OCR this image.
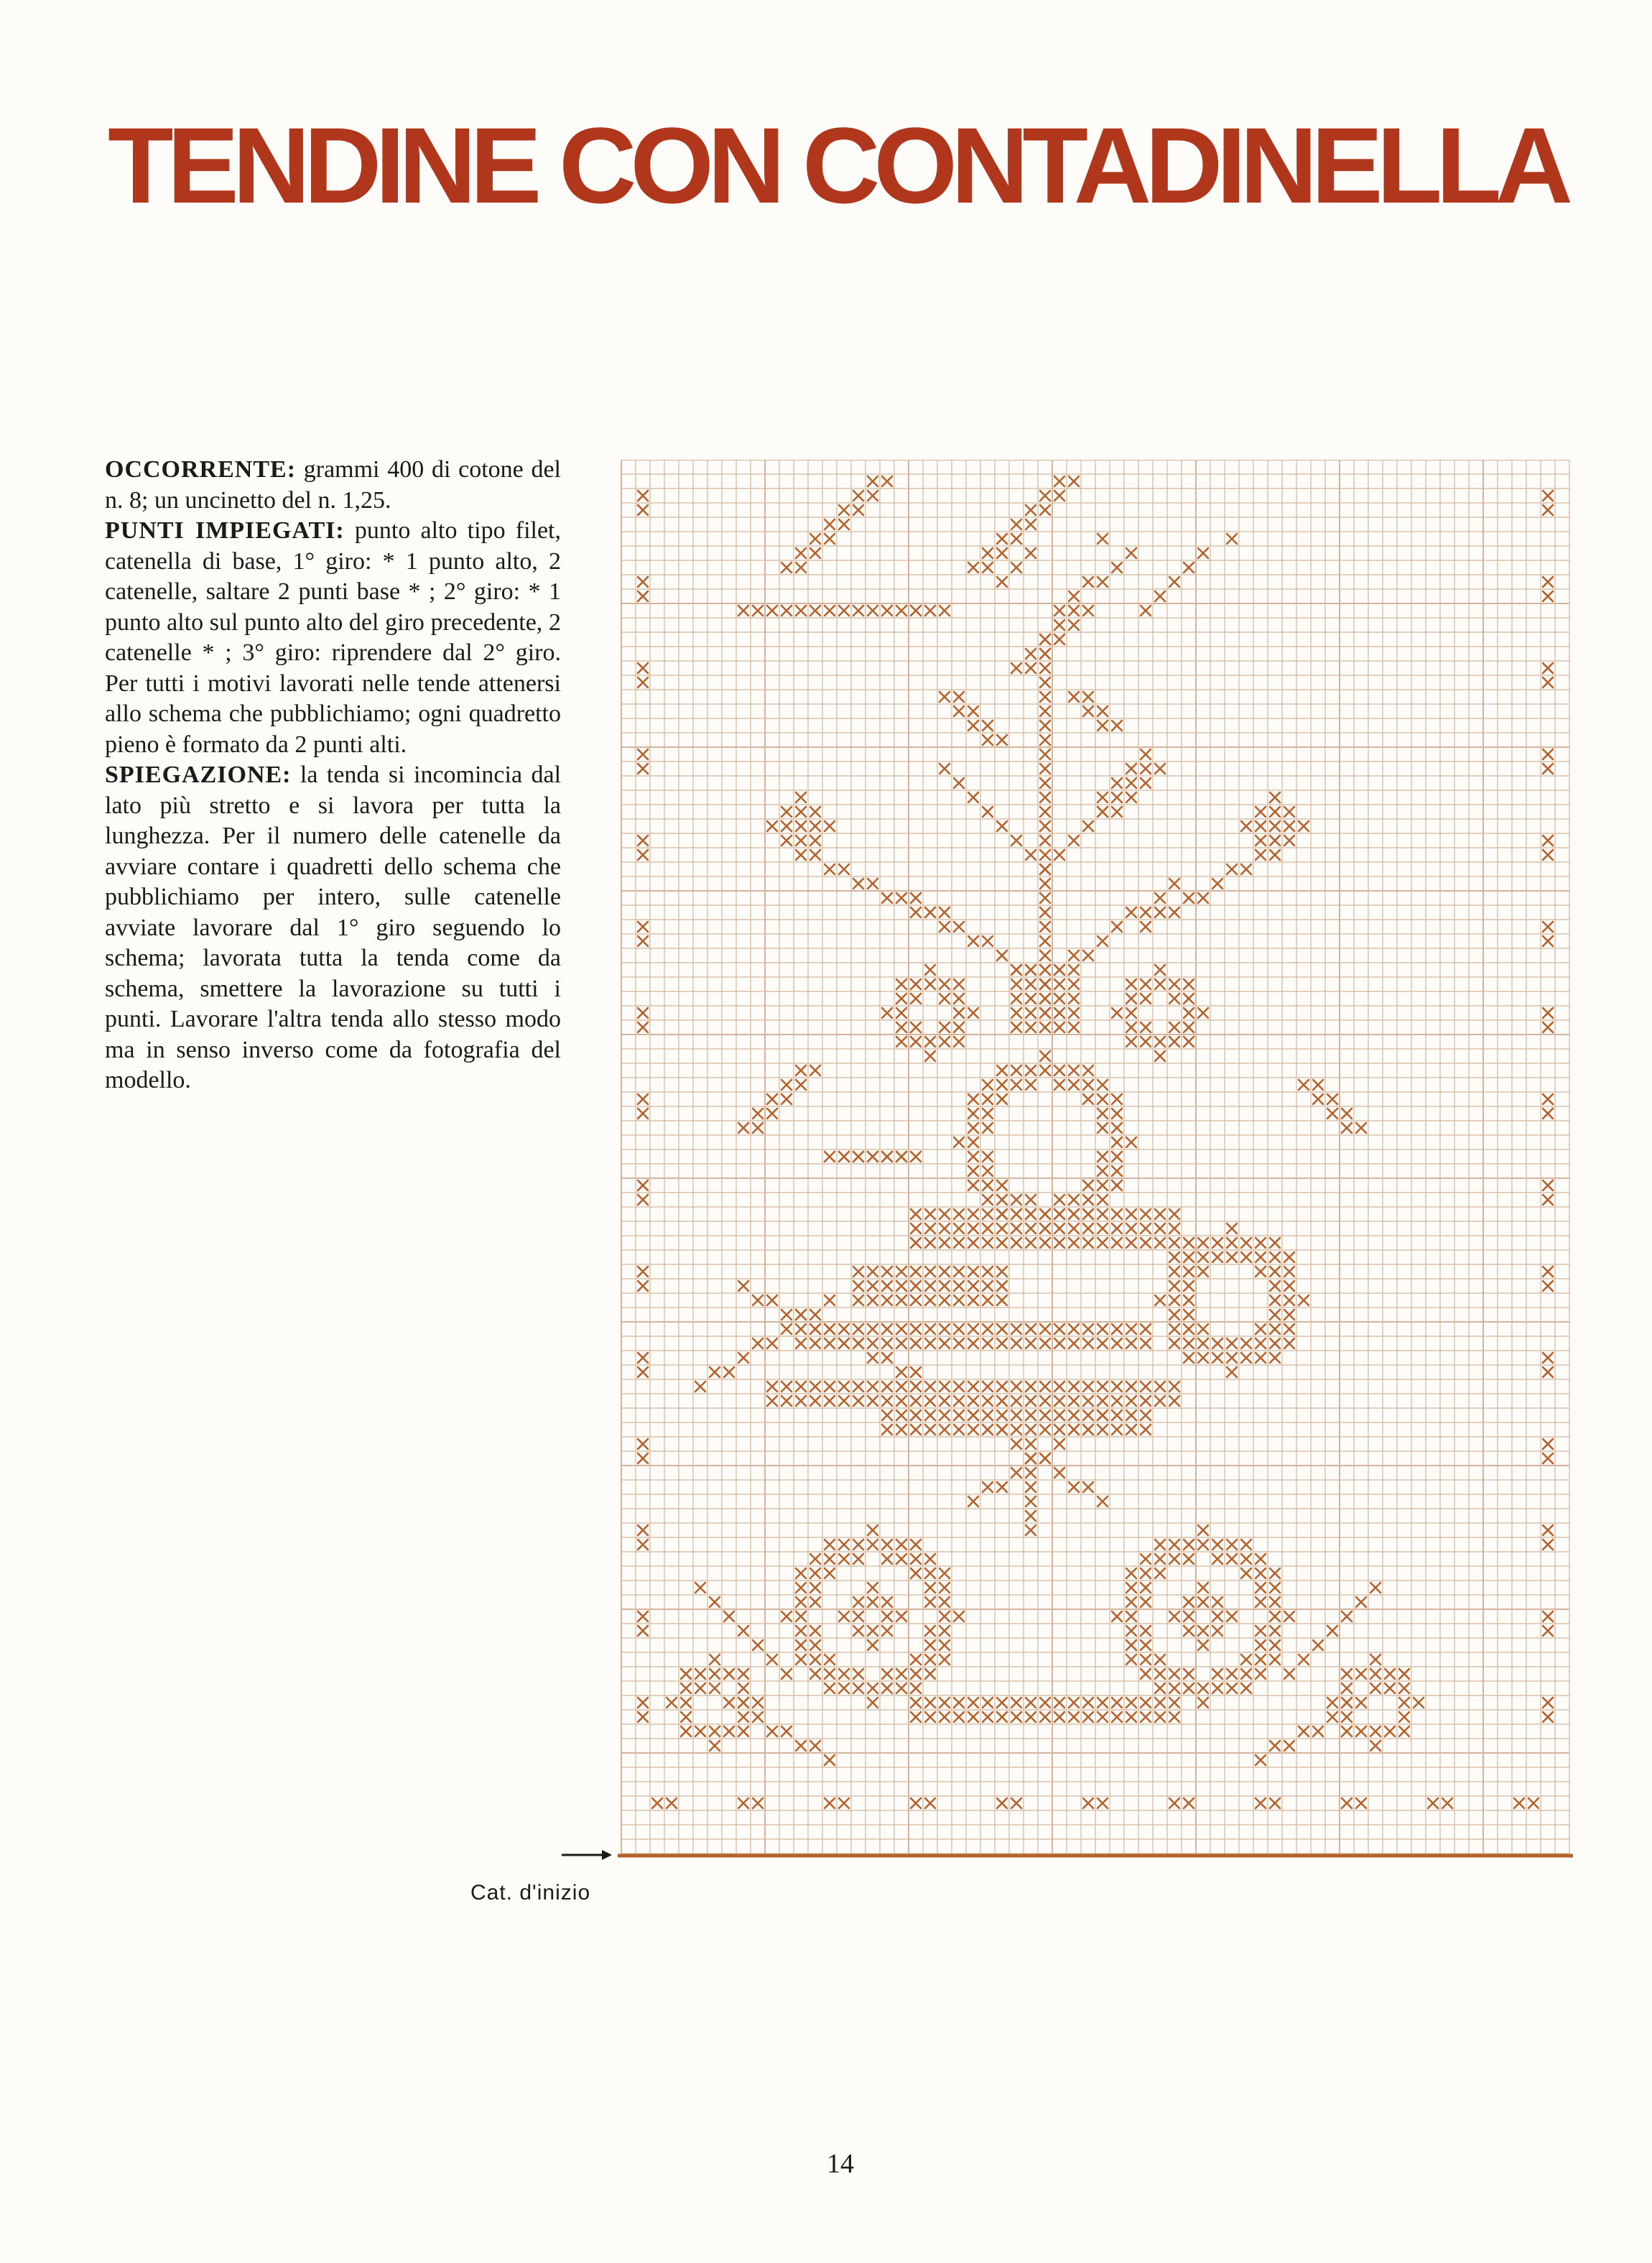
TENDINE CON CONTADINELLA

OCCORRENTE: grammi 400 di cotone del n. 8; un uncinetto del n. 1,25.

PUNTI IMPIEGATI: punto alto tipo filet, catenella di base, 1° giro: * 1 punto alto, 2 catenelle, saltare 2 punti base * ; 2° giro: * 1 punto alto sul punto alto del giro precedente, 2 catenelle * ; 3° giro: riprendere dal 2° giro. Per tutti i motivi lavorati nelle tende attenersi allo schema che pubblichiamo; ogni quadretto pieno è formato da 2 punti alti.

SPIEGAZIONE: la tenda si incomincia dal lato più stretto e si lavora per tutta la lunghezza. Per il numero delle catenelle da avviare contare i quadretti dello schema che pubblichiamo per intero, sulle catenelle avviate lavorare dal 1° giro seguendo lo schema; lavorata tutta la tenda come da schema, smettere la lavorazione su tutti i punti. Lavorare l'altra tenda allo stesso modo ma in senso inverso come da fotografia del modello.

Cat. d'inizio
14
